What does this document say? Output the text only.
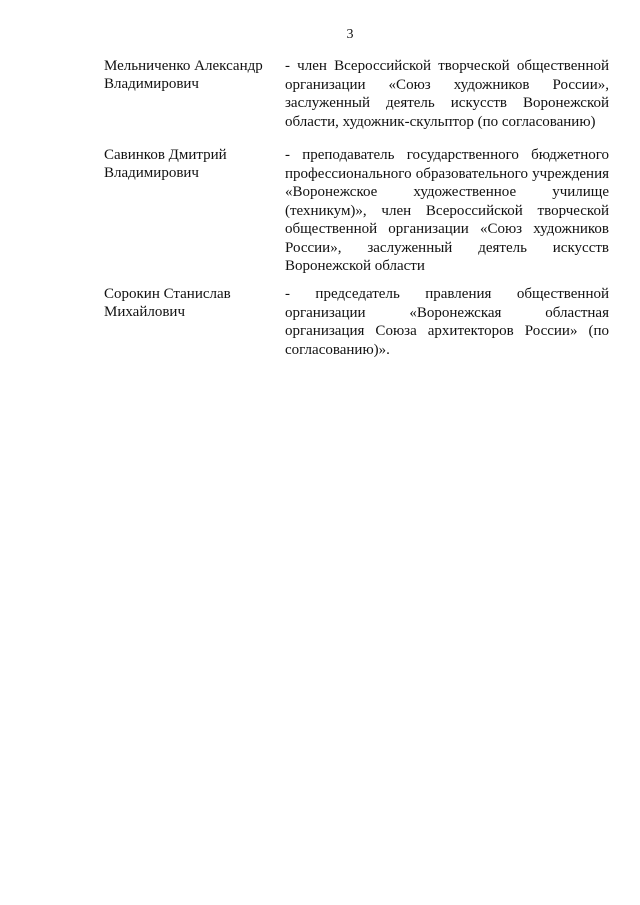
3
Мельниченко Александр
Владимирович
- член Всероссийской творческой общественной организации «Союз художников России», заслуженный деятель искусств Воронежской области, художник-скульптор (по согласованию)
Савинков Дмитрий
Владимирович
- преподаватель государственного бюджетного профессионального образовательного учреждения «Воронежское художественное училище (техникум)», член Всероссийской творческой общественной организации «Союз художников России», заслуженный деятель искусств Воронежской области
Сорокин Станислав
Михайлович
- председатель правления общественной организации «Воронежская областная организация Союза архитекторов России» (по согласованию)».
